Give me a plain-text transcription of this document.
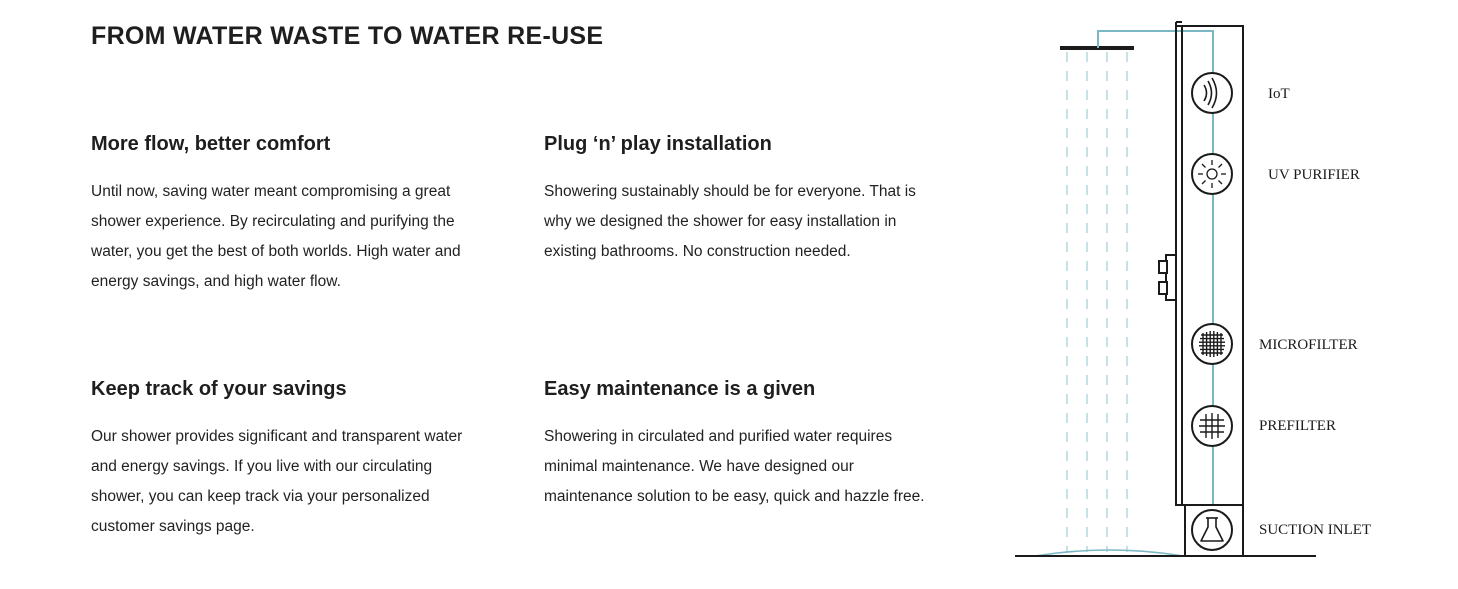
FROM WATER WASTE TO WATER RE-USE
More flow, better comfort

Until now, saving water meant compromising a great shower experience. By recirculating and purifying the water, you get the best of both worlds. High water and energy savings, and high water flow.

Plug ‘n’ play installation

Showering sustainably should be for everyone. That is why we designed the shower for easy installation in existing bathrooms. No construction needed.

Keep track of your savings

Our shower provides significant and transparent water and energy savings. If you live with our circulating shower, you can keep track via your personalized customer savings page.

Easy maintenance is a given

Showering in circulated and purified water requires minimal maintenance. We have designed our maintenance solution to be easy, quick and hazzle free.

IoT
UV PURIFIER
MICROFILTER
PREFILTER
SUCTION INLET
